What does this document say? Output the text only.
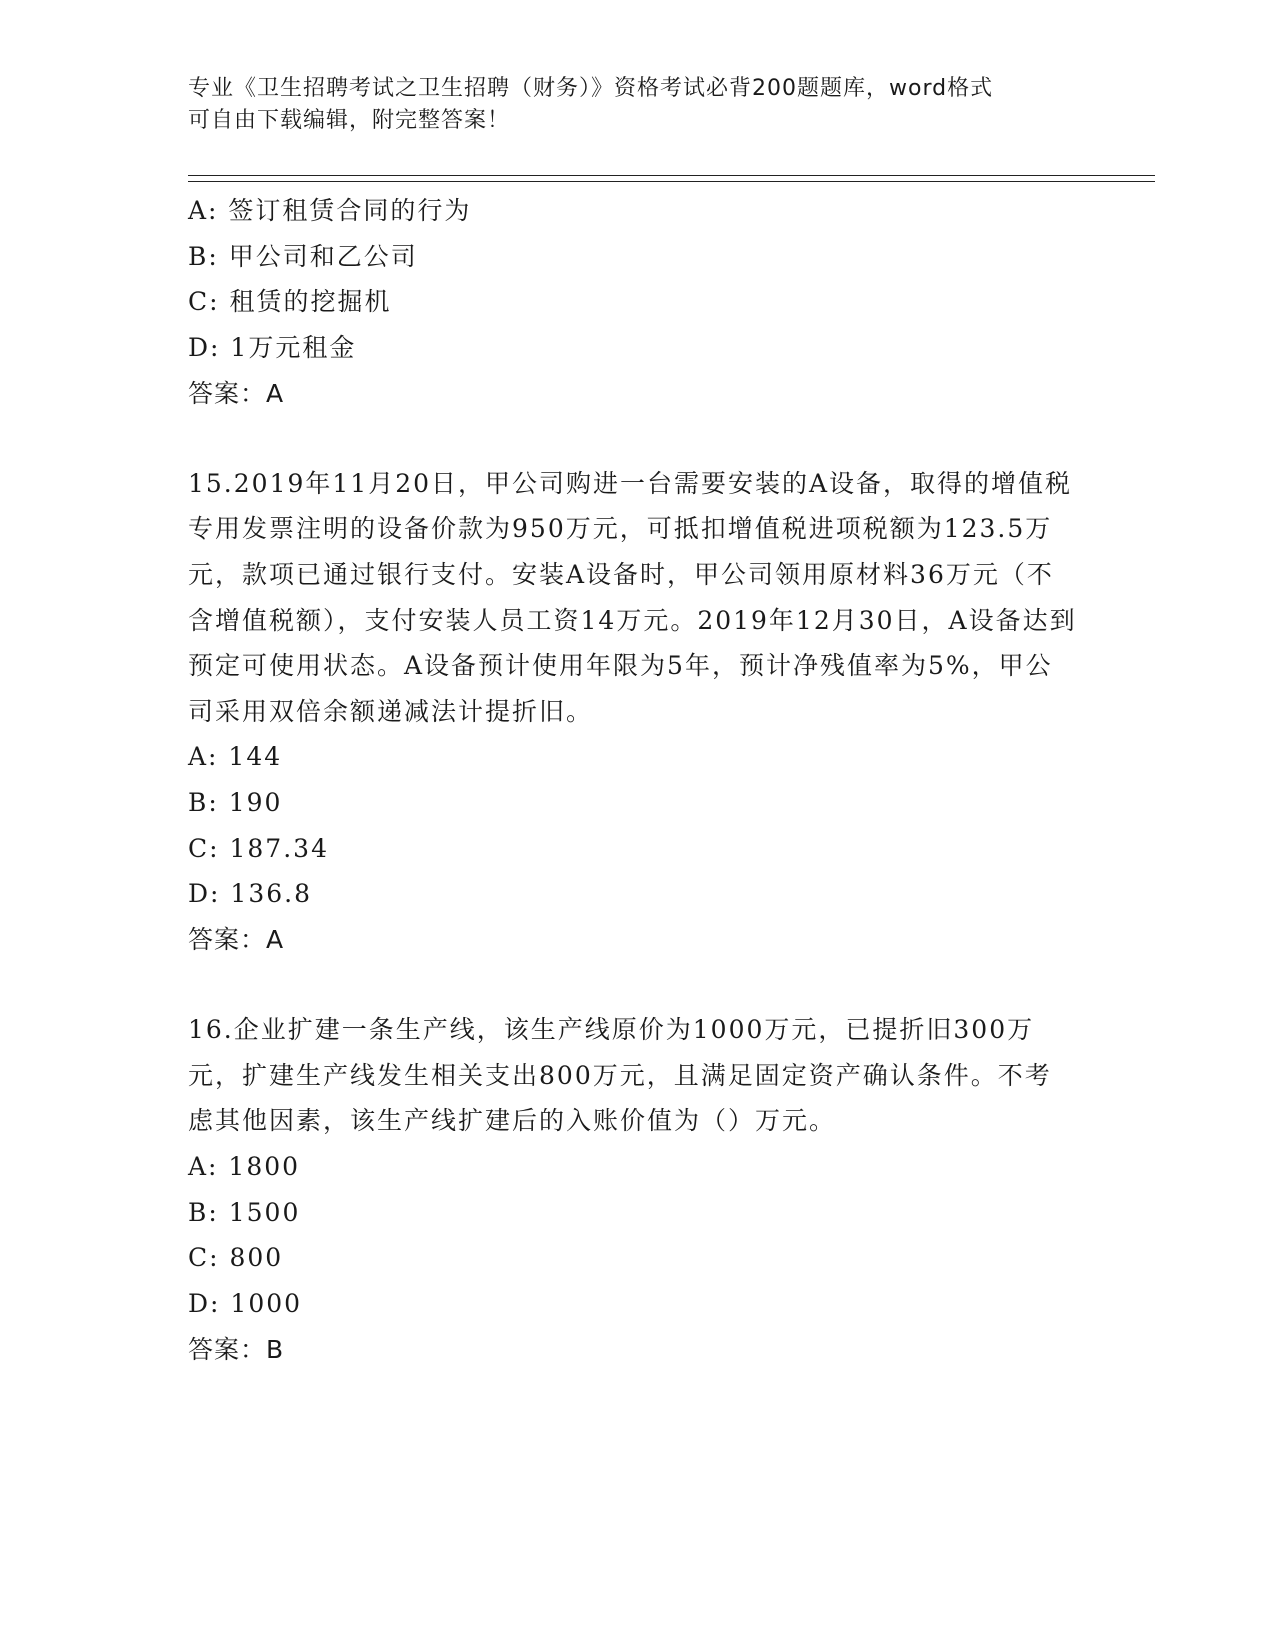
专业《卫生招聘考试之卫生招聘（财务）》资格考试必背200题题库，word格式
可自由下载编辑，附完整答案！
A: 签订租赁合同的行为
B: 甲公司和乙公司
C: 租赁的挖掘机
D: 1万元租金
答案：A
15.2019年11月20日，甲公司购进一台需要安装的A设备，取得的增值税专用发票注明的设备价款为950万元，可抵扣增值税进项税额为123.5万元，款项已通过银行支付。安装A设备时，甲公司领用原材料36万元（不含增值税额），支付安装人员工资14万元。2019年12月30日，A设备达到预定可使用状态。A设备预计使用年限为5年，预计净残值率为5%，甲公司采用双倍余额递减法计提折旧。
A: 144
B: 190
C: 187.34
D: 136.8
答案：A
16.企业扩建一条生产线，该生产线原价为1000万元，已提折旧300万元，扩建生产线发生相关支出800万元，且满足固定资产确认条件。不考虑其他因素，该生产线扩建后的入账价值为（）万元。
A: 1800
B: 1500
C: 800
D: 1000
答案：B
